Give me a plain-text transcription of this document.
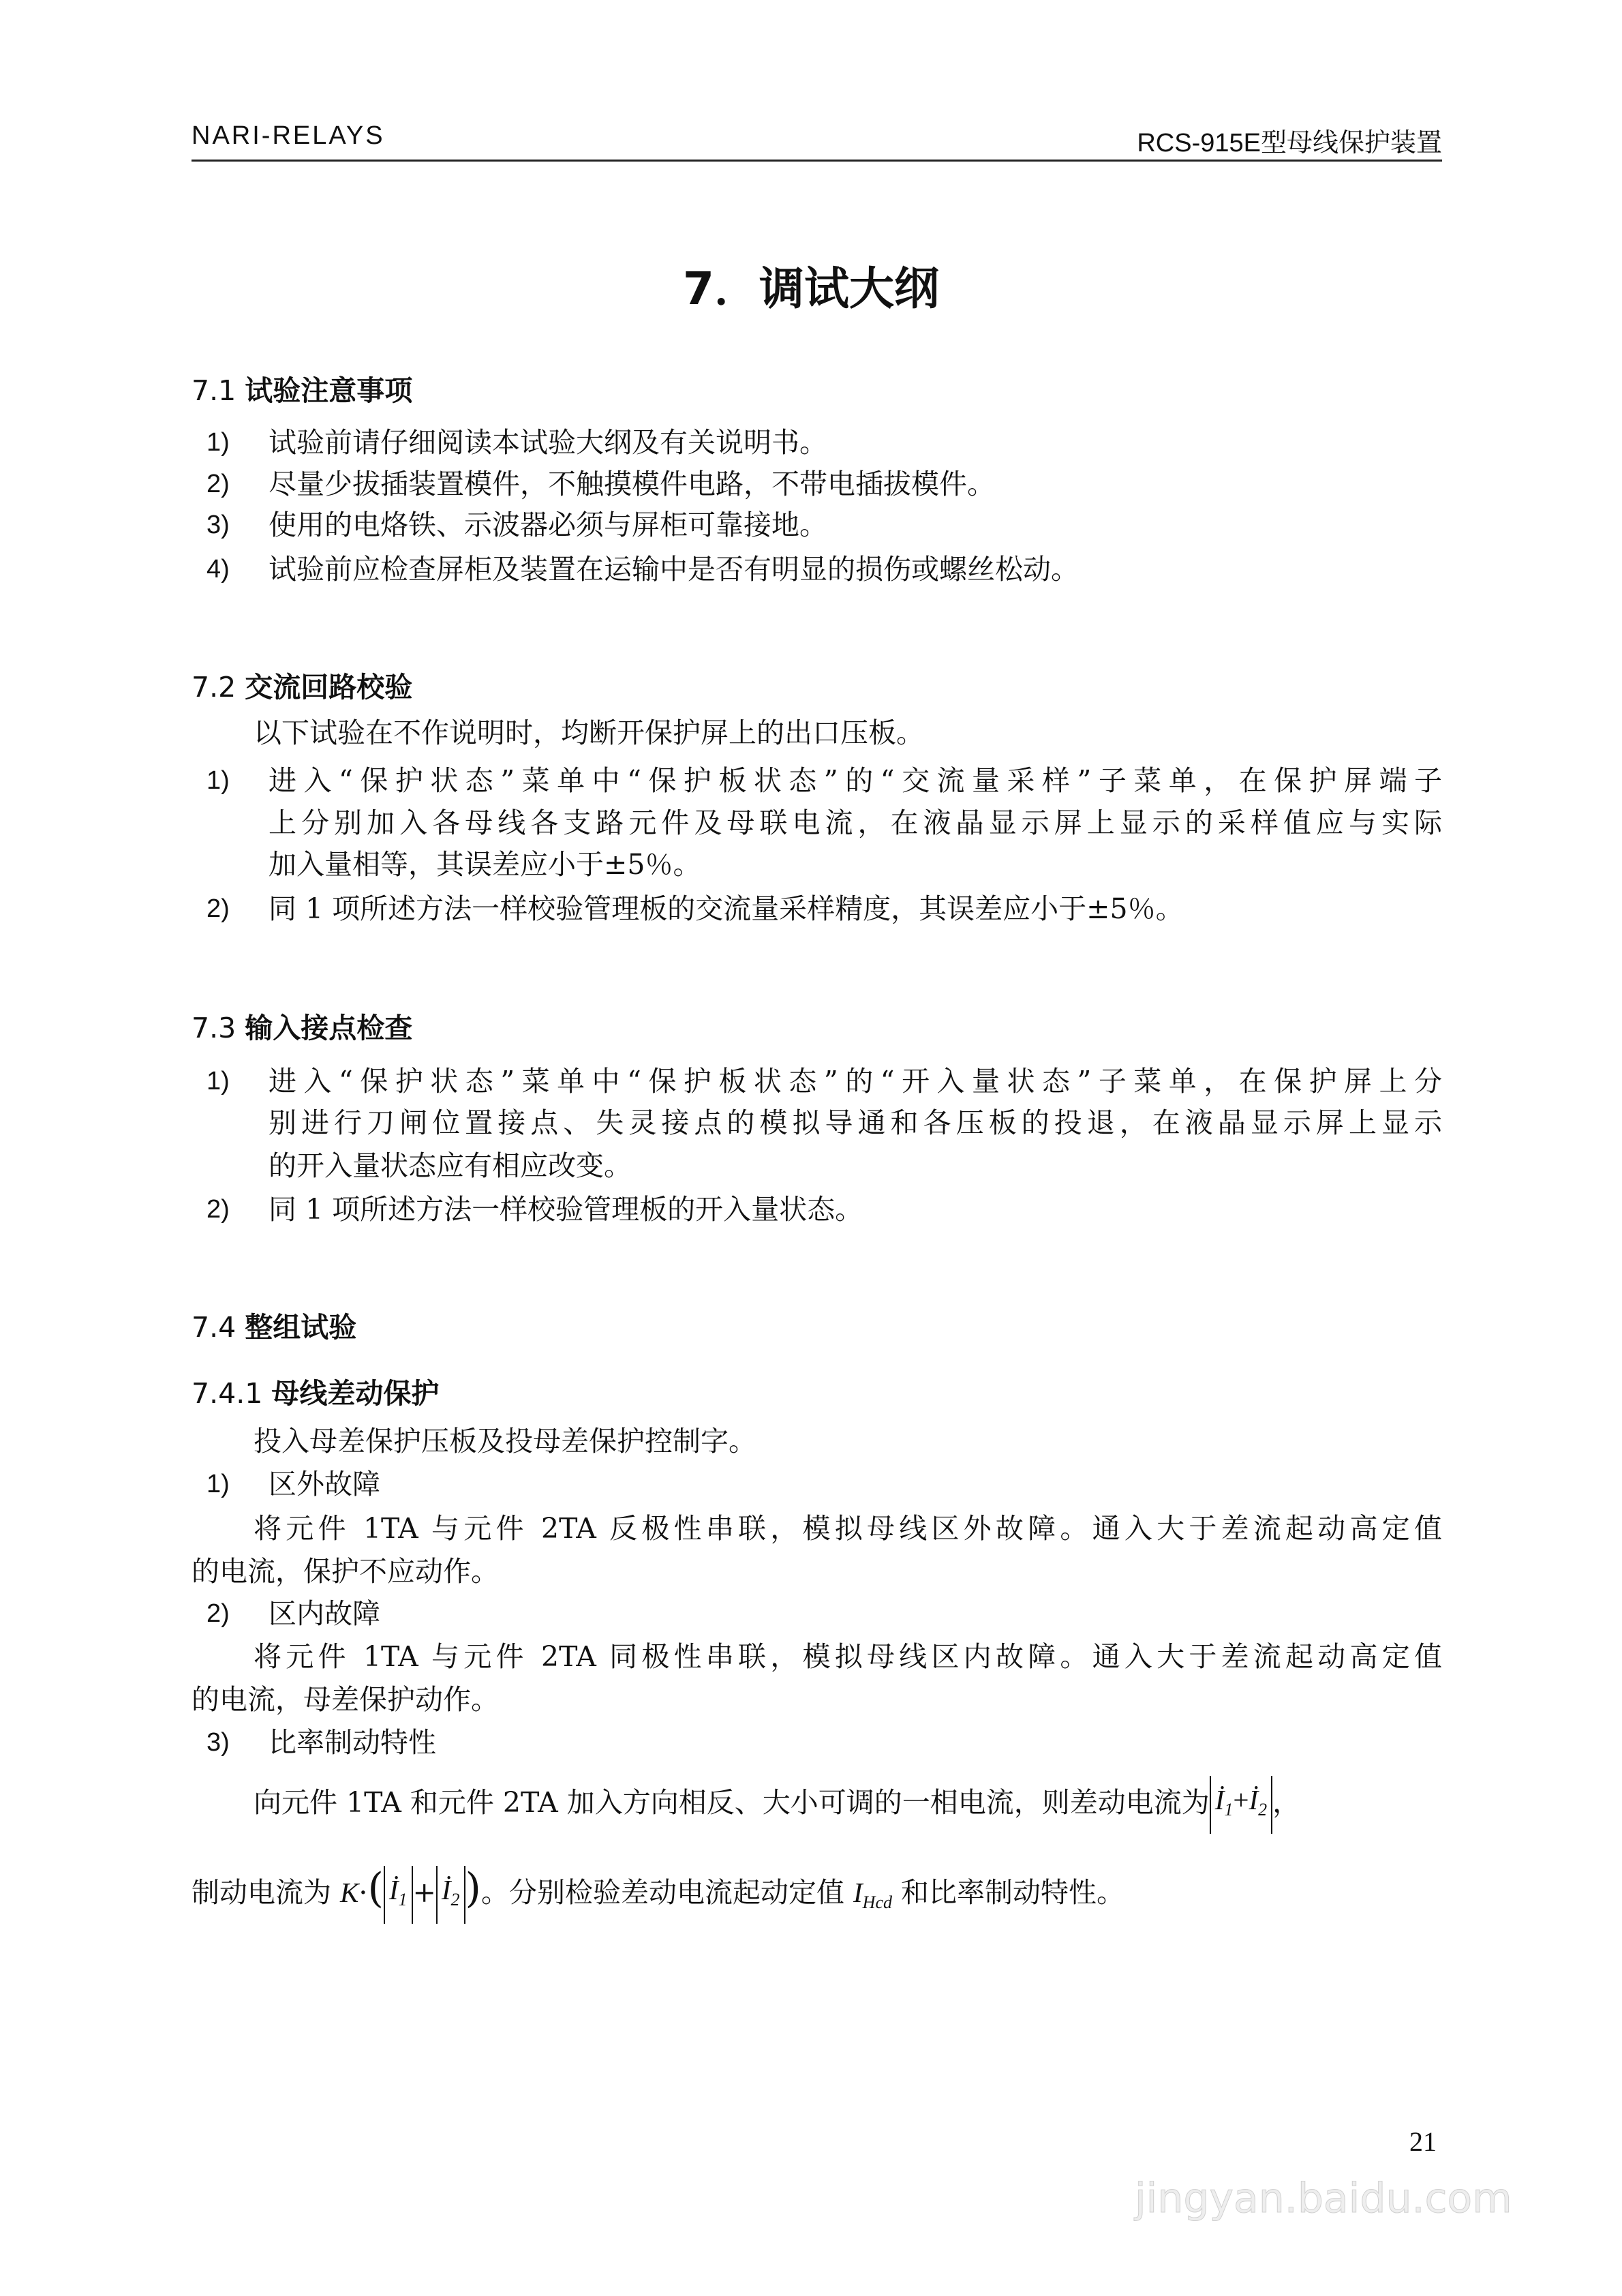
NARI-RELAYS	RCS-915E型母线保护装置
7．调试大纲
7.1 试验注意事项
1) 试验前请仔细阅读本试验大纲及有关说明书。
2) 尽量少拔插装置模件，不触摸模件电路，不带电插拔模件。
3) 使用的电烙铁、示波器必须与屏柜可靠接地。
4) 试验前应检查屏柜及装置在运输中是否有明显的损伤或螺丝松动。
7.2 交流回路校验
以下试验在不作说明时，均断开保护屏上的出口压板。
1) 进入“保护状态”菜单中“保护板状态”的“交流量采样”子菜单，在保护屏端子
上分别加入各母线各支路元件及母联电流，在液晶显示屏上显示的采样值应与实际
加入量相等，其误差应小于±5％。
2) 同 1 项所述方法一样校验管理板的交流量采样精度，其误差应小于±5％。
7.3 输入接点检查
1) 进入“保护状态”菜单中“保护板状态”的“开入量状态”子菜单，在保护屏上分
别进行刀闸位置接点、失灵接点的模拟导通和各压板的投退，在液晶显示屏上显示
的开入量状态应有相应改变。
2) 同 1 项所述方法一样校验管理板的开入量状态。
7.4 整组试验
7.4.1 母线差动保护
投入母差保护压板及投母差保护控制字。
1) 区外故障
将元件 1TA 与元件 2TA 反极性串联，模拟母线区外故障。通入大于差流起动高定值
的电流，保护不应动作。
2) 区内故障
将元件 1TA 与元件 2TA 同极性串联，模拟母线区内故障。通入大于差流起动高定值
的电流，母差保护动作。
3) 比率制动特性
向元件 1TA 和元件 2TA 加入方向相反、大小可调的一相电流，则差动电流为 $İ_1+İ_2$ ，
制动电流为 K·( $İ_1$ + $İ_2$ )。分别检验差动电流起动定值 $I_{Hcd}$ 和比率制动特性。
jingyan.baidu.com
21
